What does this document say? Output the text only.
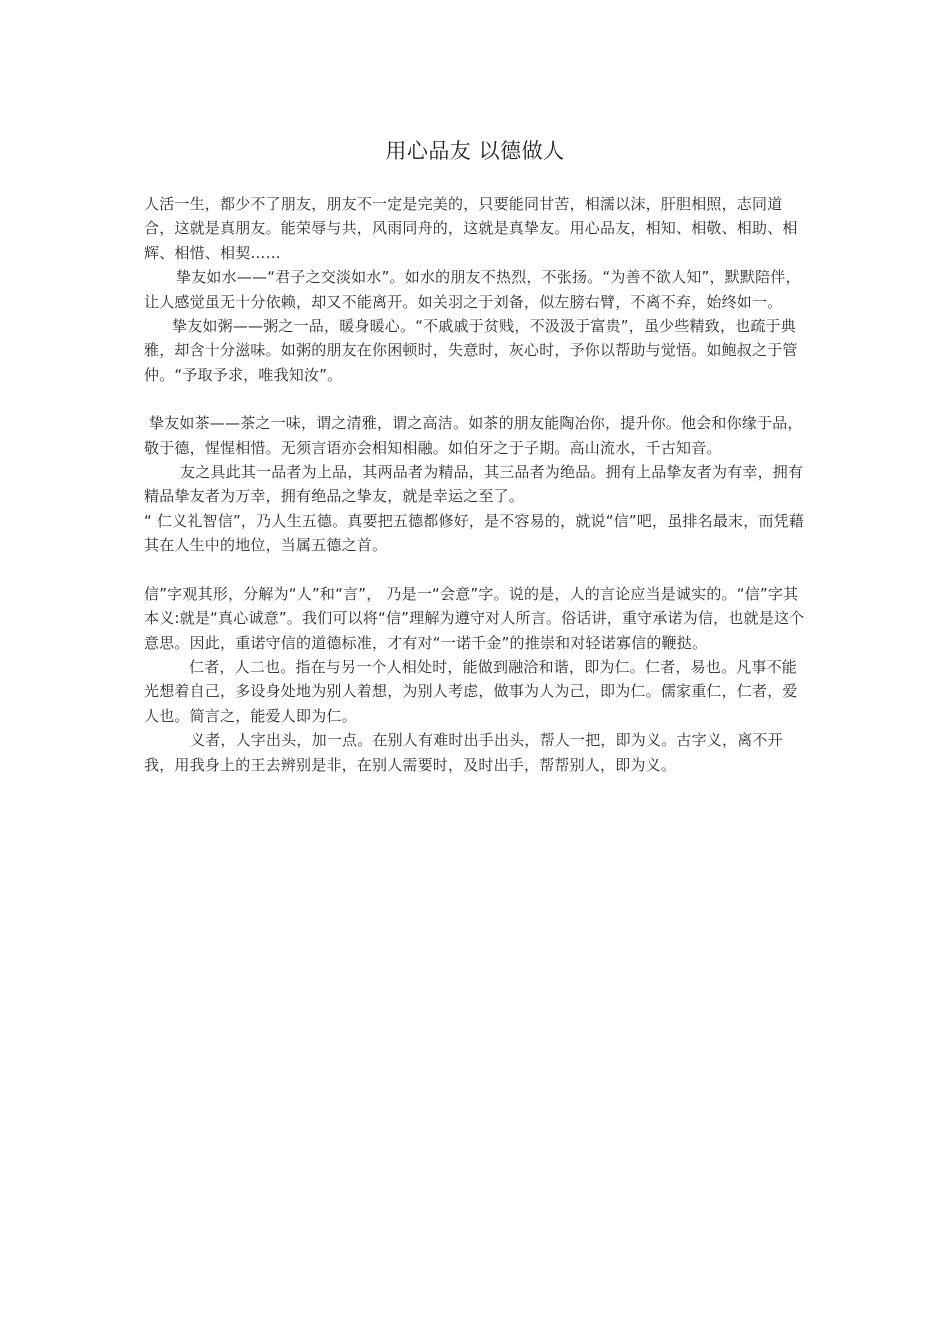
用心品友 以德做人

人活一生，都少不了朋友，朋友不一定是完美的，只要能同甘苦，相濡以沫，肝胆相照，志同道合，这就是真朋友。能荣辱与共，风雨同舟的，这就是真挚友。用心品友，相知、相敬、相助、相辉、相惜、相契……

挚友如水——“君子之交淡如水”。如水的朋友不热烈，不张扬。“为善不欲人知”，默默陪伴，让人感觉虽无十分依赖，却又不能离开。如关羽之于刘备，似左膀右臂，不离不弃，始终如一。

挚友如粥——粥之一品，暖身暖心。“不戚戚于贫贱，不汲汲于富贵”，虽少些精致，也疏于典雅，却含十分滋味。如粥的朋友在你困顿时，失意时，灰心时，予你以帮助与觉悟。如鲍叔之于管仲。“予取予求，唯我知汝”。

挚友如茶——茶之一味，谓之清雅，谓之高洁。如茶的朋友能陶冶你，提升你。他会和你缘于品，敬于德，惺惺相惜。无须言语亦会相知相融。如伯牙之于子期。高山流水，千古知音。

友之具此其一品者为上品，其两品者为精品，其三品者为绝品。拥有上品挚友者为有幸，拥有精品挚友者为万幸，拥有绝品之挚友，就是幸运之至了。

“ 仁义礼智信”，乃人生五德。真要把五德都修好，是不容易的，就说“信”吧，虽排名最末，而凭藉其在人生中的地位，当属五德之首。

信”字观其形，分解为“人”和“言”， 乃是一“会意”字。说的是，人的言论应当是诚实的。“信”字其本义:就是“真心诚意”。我们可以将“信”理解为遵守对人所言。俗话讲，重守承诺为信，也就是这个意思。因此，重诺守信的道德标准，才有对“一诺千金”的推崇和对轻诺寡信的鞭挞。

仁者，人二也。指在与另一个人相处时，能做到融洽和谐，即为仁。仁者，易也。凡事不能光想着自己，多设身处地为别人着想，为别人考虑，做事为人为己，即为仁。儒家重仁，仁者，爱人也。简言之，能爱人即为仁。

义者，人字出头，加一点。在别人有难时出手出头，帮人一把，即为义。古字义，离不开我，用我身上的王去辨别是非，在别人需要时，及时出手，帮帮别人，即为义。
